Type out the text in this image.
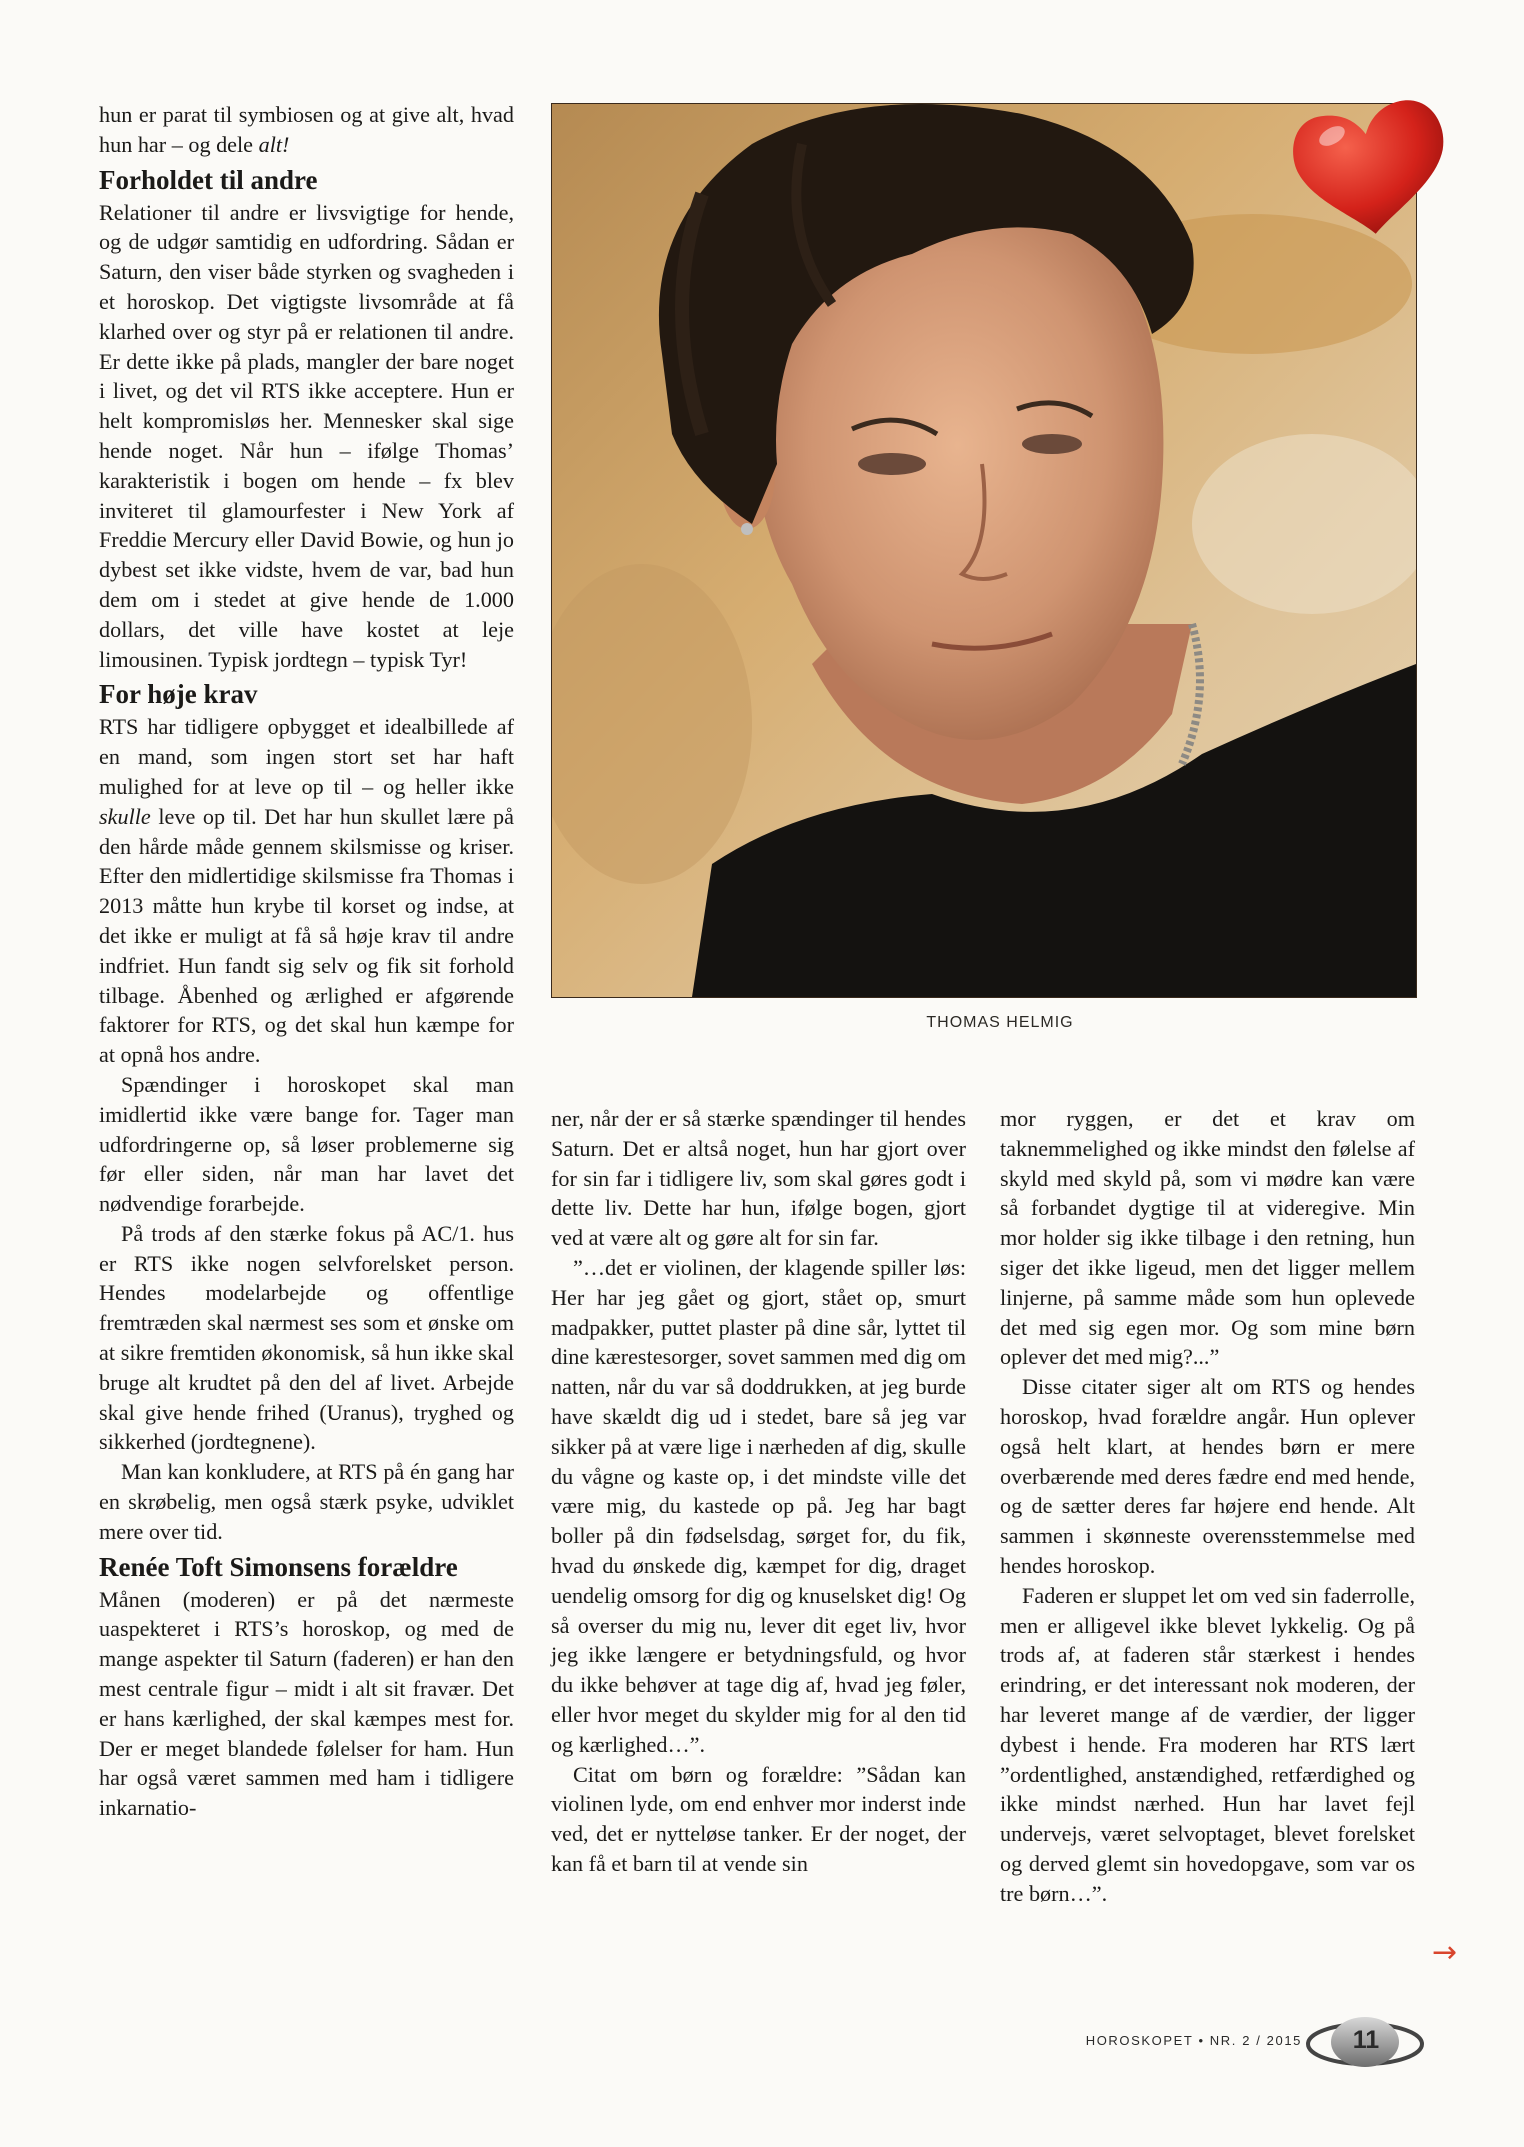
hun er parat til symbiosen og at give alt, hvad hun har – og dele alt!

Forholdet til andre

Relationer til andre er livsvigtige for hende, og de udgør samtidig en udfordring. Sådan er Saturn, den viser både styrken og svagheden i et horoskop. Det vigtigste livsområde at få klarhed over og styr på er relationen til andre. Er dette ikke på plads, mangler der bare noget i livet, og det vil RTS ikke acceptere. Hun er helt kompromisløs her. Mennesker skal sige hende noget. Når hun – ifølge Thomas’ karakteristik i bogen om hende – fx blev inviteret til glamourfester i New York af Freddie Mercury eller David Bowie, og hun jo dybest set ikke vidste, hvem de var, bad hun dem om i stedet at give hende de 1.000 dollars, det ville have kostet at leje limousinen. Typisk jordtegn – typisk Tyr!

For høje krav

RTS har tidligere opbygget et idealbillede af en mand, som ingen stort set har haft mulighed for at leve op til – og heller ikke skulle leve op til. Det har hun skullet lære på den hårde måde gennem skilsmisse og kriser. Efter den midlertidige skilsmisse fra Thomas i 2013 måtte hun krybe til korset og indse, at det ikke er muligt at få så høje krav til andre indfriet. Hun fandt sig selv og fik sit forhold tilbage. Åbenhed og ærlighed er afgørende faktorer for RTS, og det skal hun kæmpe for at opnå hos andre.

Spændinger i horoskopet skal man imidlertid ikke være bange for. Tager man udfordringerne op, så løser problemerne sig før eller siden, når man har lavet det nødvendige forarbejde.

På trods af den stærke fokus på AC/1. hus er RTS ikke nogen selvforelsket person. Hendes modelarbejde og offentlige fremtræden skal nærmest ses som et ønske om at sikre fremtiden økonomisk, så hun ikke skal bruge alt krudtet på den del af livet. Arbejde skal give hende frihed (Uranus), tryghed og sikkerhed (jordtegnene).

Man kan konkludere, at RTS på én gang har en skrøbelig, men også stærk psyke, udviklet mere over tid.

Renée Toft Simonsens forældre

Månen (moderen) er på det nærmeste uaspekteret i RTS’s horoskop, og med de mange aspekter til Saturn (faderen) er han den mest centrale figur – midt i alt sit fravær. Det er hans kærlighed, der skal kæmpes mest for. Der er meget blandede følelser for ham. Hun har også været sammen med ham i tidligere inkarnatio-

THOMAS HELMIG

ner, når der er så stærke spændinger til hendes Saturn. Det er altså noget, hun har gjort over for sin far i tidligere liv, som skal gøres godt i dette liv. Dette har hun, ifølge bogen, gjort ved at være alt og gøre alt for sin far.

”…det er violinen, der klagende spiller løs: Her har jeg gået og gjort, stået op, smurt madpakker, puttet plaster på dine sår, lyttet til dine kærestesorger, sovet sammen med dig om natten, når du var så doddrukken, at jeg burde have skældt dig ud i stedet, bare så jeg var sikker på at være lige i nærheden af dig, skulle du vågne og kaste op, i det mindste ville det være mig, du kastede op på. Jeg har bagt boller på din fødselsdag, sørget for, du fik, hvad du ønskede dig, kæmpet for dig, draget uendelig omsorg for dig og knuselsket dig! Og så overser du mig nu, lever dit eget liv, hvor jeg ikke længere er betydningsfuld, og hvor du ikke behøver at tage dig af, hvad jeg føler, eller hvor meget du skylder mig for al den tid og kærlighed…”.

Citat om børn og forældre: ”Sådan kan violinen lyde, om end enhver mor inderst inde ved, det er nytteløse tanker. Er der noget, der kan få et barn til at vende sin

mor ryggen, er det et krav om taknemmelighed og ikke mindst den følelse af skyld med skyld på, som vi mødre kan være så forbandet dygtige til at videregive. Min mor holder sig ikke tilbage i den retning, hun siger det ikke ligeud, men det ligger mellem linjerne, på samme måde som hun oplevede det med sig egen mor. Og som mine børn oplever det med mig?...”

Disse citater siger alt om RTS og hendes horoskop, hvad forældre angår. Hun oplever også helt klart, at hendes børn er mere overbærende med deres fædre end med hende, og de sætter deres far højere end hende. Alt sammen i skønneste overensstemmelse med hendes horoskop.

Faderen er sluppet let om ved sin faderrolle, men er alligevel ikke blevet lykkelig. Og på trods af, at faderen står stærkest i hendes erindring, er det interessant nok moderen, der har leveret mange af de værdier, der ligger dybest i hende. Fra moderen har RTS lært ”ordentlighed, anstændighed, retfærdighed og ikke mindst nærhed. Hun har lavet fejl undervejs, været selvoptaget, blevet forelsket og derved glemt sin hovedopgave, som var os tre børn…”.

→
HOROSKOPET • NR. 2 / 2015	11
